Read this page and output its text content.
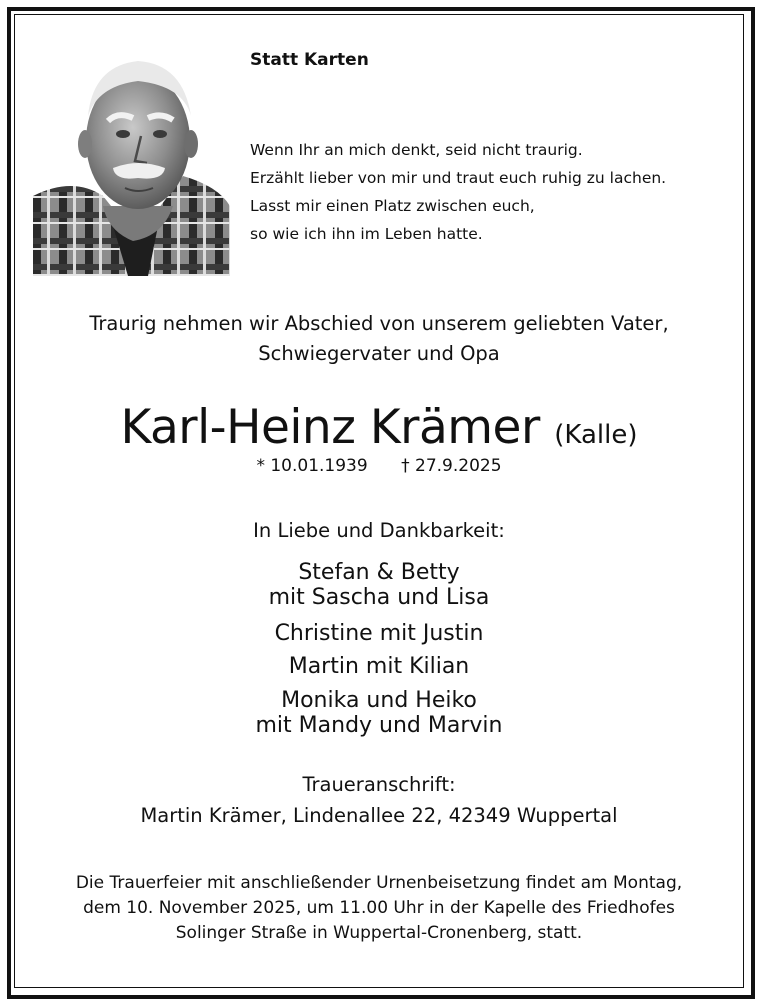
Statt Karten
Wenn Ihr an mich denkt, seid nicht traurig.
Erzählt lieber von mir und traut euch ruhig zu lachen.
Lasst mir einen Platz zwischen euch,
so wie ich ihn im Leben hatte.
Traurig nehmen wir Abschied von unserem geliebten Vater,
Schwiegervater und Opa
Karl-Heinz Krämer (Kalle)
* 10.01.1939 † 27.9.2025
In Liebe und Dankbarkeit:
Stefan & Betty
mit Sascha und Lisa
Christine mit Justin
Martin mit Kilian
Monika und Heiko
mit Mandy und Marvin
Traueranschrift:
Martin Krämer, Lindenallee 22, 42349 Wuppertal
Die Trauerfeier mit anschließender Urnenbeisetzung findet am Montag,
dem 10. November 2025, um 11.00 Uhr in der Kapelle des Friedhofes
Solinger Straße in Wuppertal-Cronenberg, statt.
